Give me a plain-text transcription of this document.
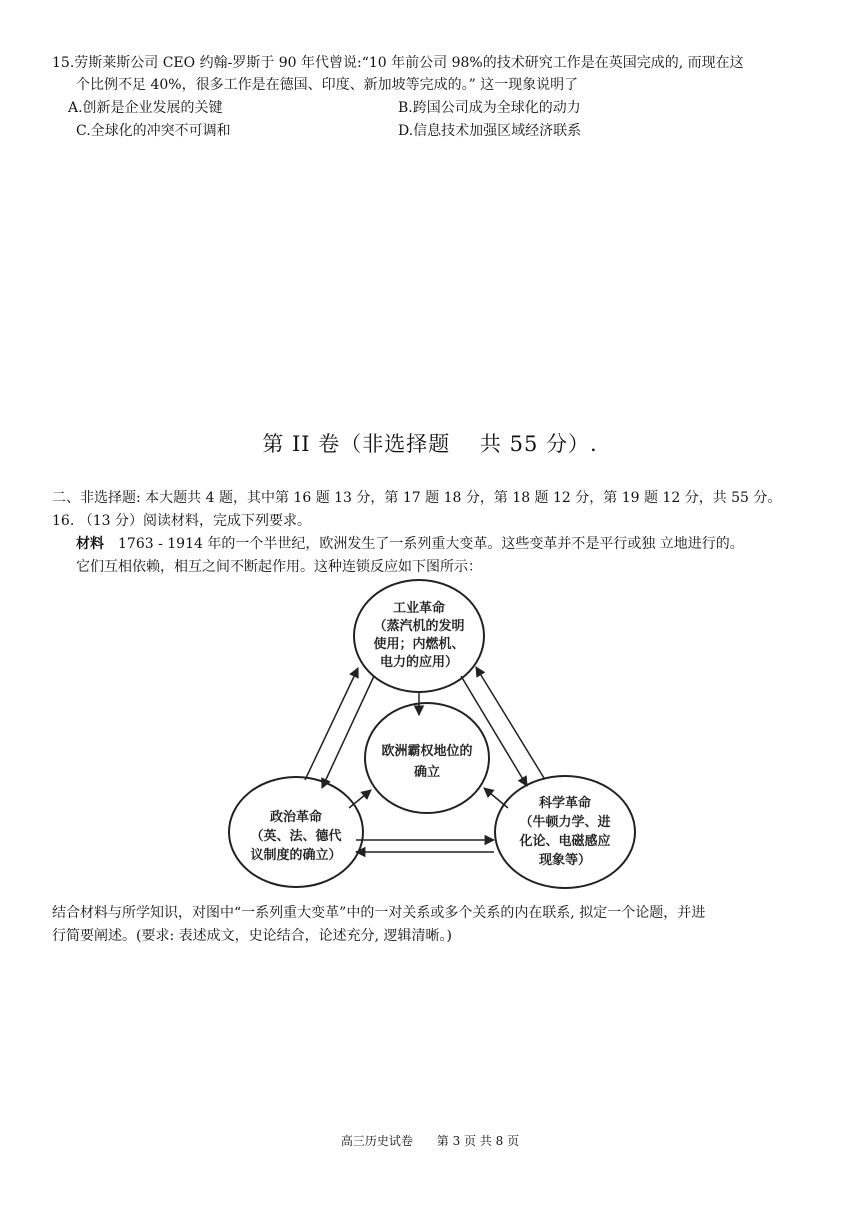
15.劳斯莱斯公司 CEO 约翰-罗斯于 90 年代曾说:“10 年前公司 98%的技术研究工作是在英国完成的, 而现在这
个比例不足 40%，很多工作是在德国、印度、新加坡等完成的。” 这一现象说明了
A.创新是企业发展的关键	B.跨国公司成为全球化的动力
C.全球化的冲突不可调和	D.信息技术加强区域经济联系
第 II 卷（非选择题　 共 55 分）.
二、非选择题: 本大题共 4 题，其中第 16 题 13 分，第 17 题 18 分，第 18 题 12 分，第 19 题 12 分，共 55 分。
16. （13 分）阅读材料，完成下列要求。
材料　1763 - 1914 年的一个半世纪，欧洲发生了一系列重大变革。这些变革并不是平行或独 立地进行的。
它们互相依赖，相互之间不断起作用。这种连锁反应如下图所示：
工业革命
（蒸汽机的发明
使用；内燃机、
电力的应用）
欧洲霸权地位的
确立
政治革命
（英、法、德代
议制度的确立）
科学革命
（牛顿力学、进
化论、电磁感应
现象等）
结合材料与所学知识，对图中“一系列重大变革”中的一对关系或多个关系的内在联系, 拟定一个论题，并进
行简要阐述。(要求: 表述成文，史论结合，论述充分, 逻辑清晰。)
高三历史试卷 第 3 页 共 8 页
